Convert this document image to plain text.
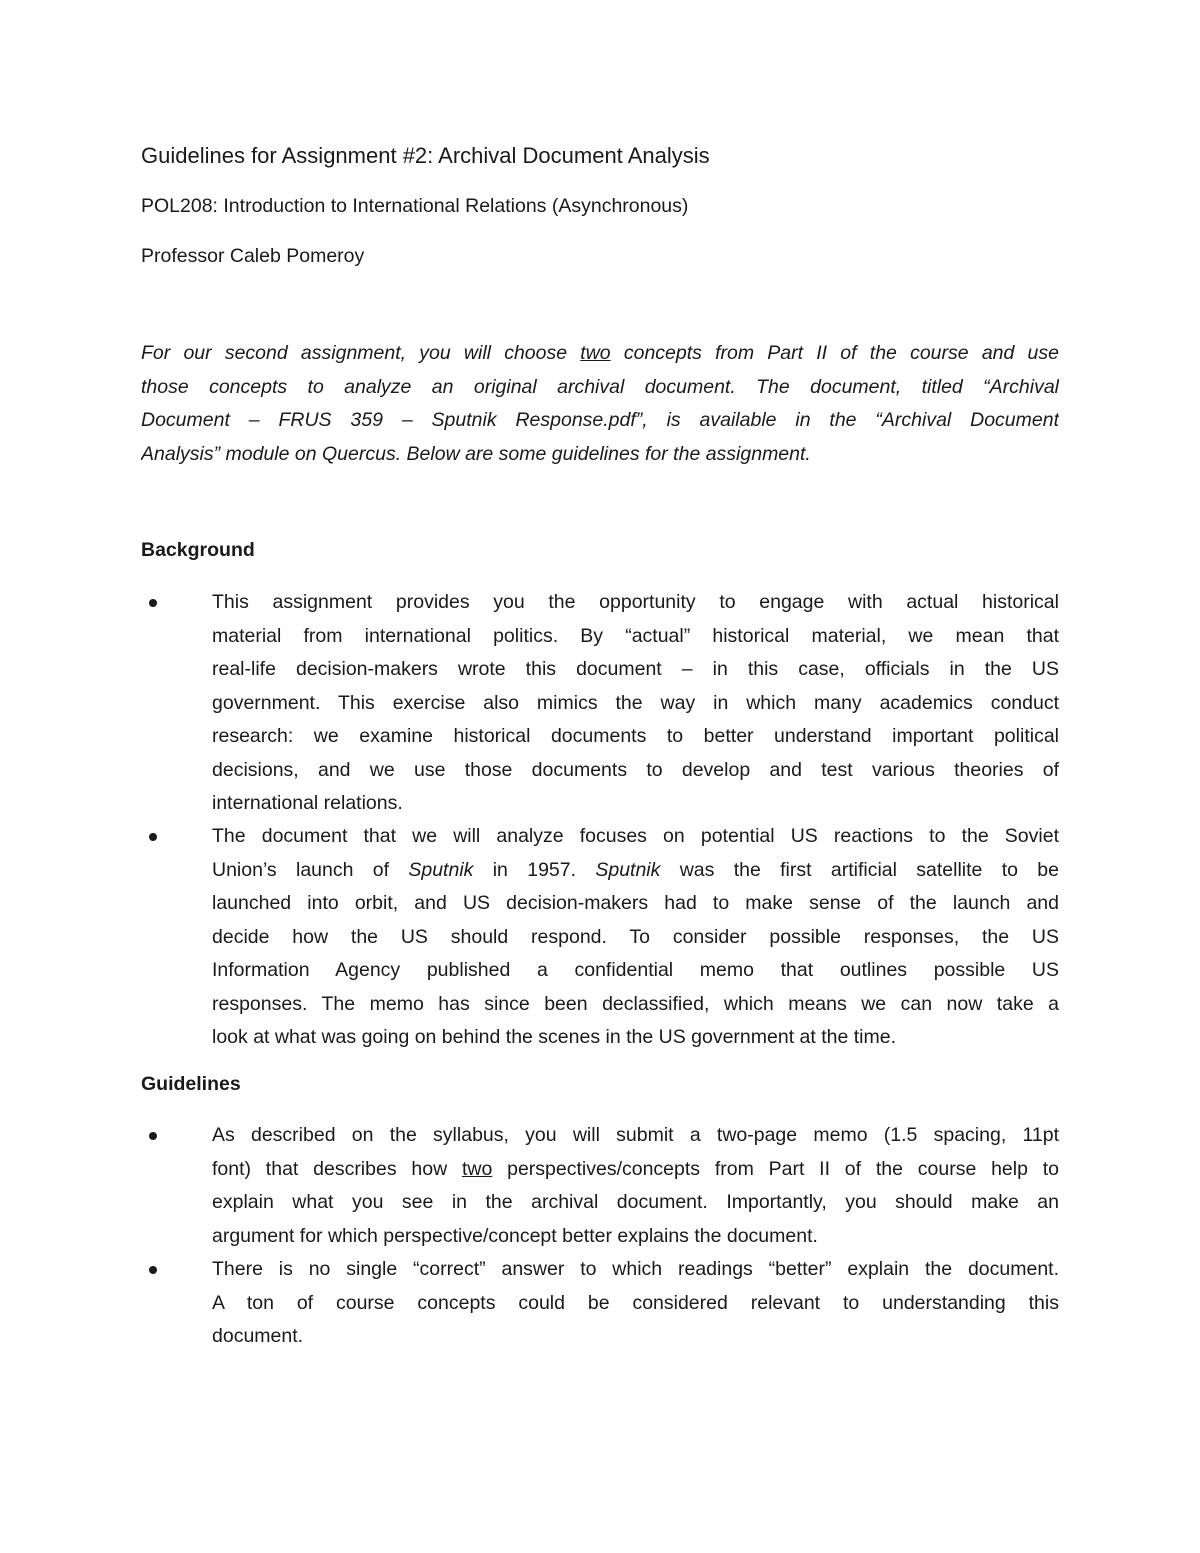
Guidelines for Assignment #2: Archival Document Analysis
POL208: Introduction to International Relations (Asynchronous)
Professor Caleb Pomeroy
For our second assignment, you will choose two concepts from Part II of the course and use
those concepts to analyze an original archival document. The document, titled “Archival
Document – FRUS 359 – Sputnik Response.pdf”, is available in the “Archival Document
Analysis” module on Quercus. Below are some guidelines for the assignment.
Background
This assignment provides you the opportunity to engage with actual historical
material from international politics. By “actual” historical material, we mean that
real-life decision-makers wrote this document – in this case, officials in the US
government. This exercise also mimics the way in which many academics conduct
research: we examine historical documents to better understand important political
decisions, and we use those documents to develop and test various theories of
international relations.
The document that we will analyze focuses on potential US reactions to the Soviet
Union’s launch of Sputnik in 1957. Sputnik was the first artificial satellite to be
launched into orbit, and US decision-makers had to make sense of the launch and
decide how the US should respond. To consider possible responses, the US
Information Agency published a confidential memo that outlines possible US
responses. The memo has since been declassified, which means we can now take a
look at what was going on behind the scenes in the US government at the time.
Guidelines
As described on the syllabus, you will submit a two-page memo (1.5 spacing, 11pt
font) that describes how two perspectives/concepts from Part II of the course help to
explain what you see in the archival document. Importantly, you should make an
argument for which perspective/concept better explains the document.
There is no single “correct” answer to which readings “better” explain the document.
A ton of course concepts could be considered relevant to understanding this
document.
